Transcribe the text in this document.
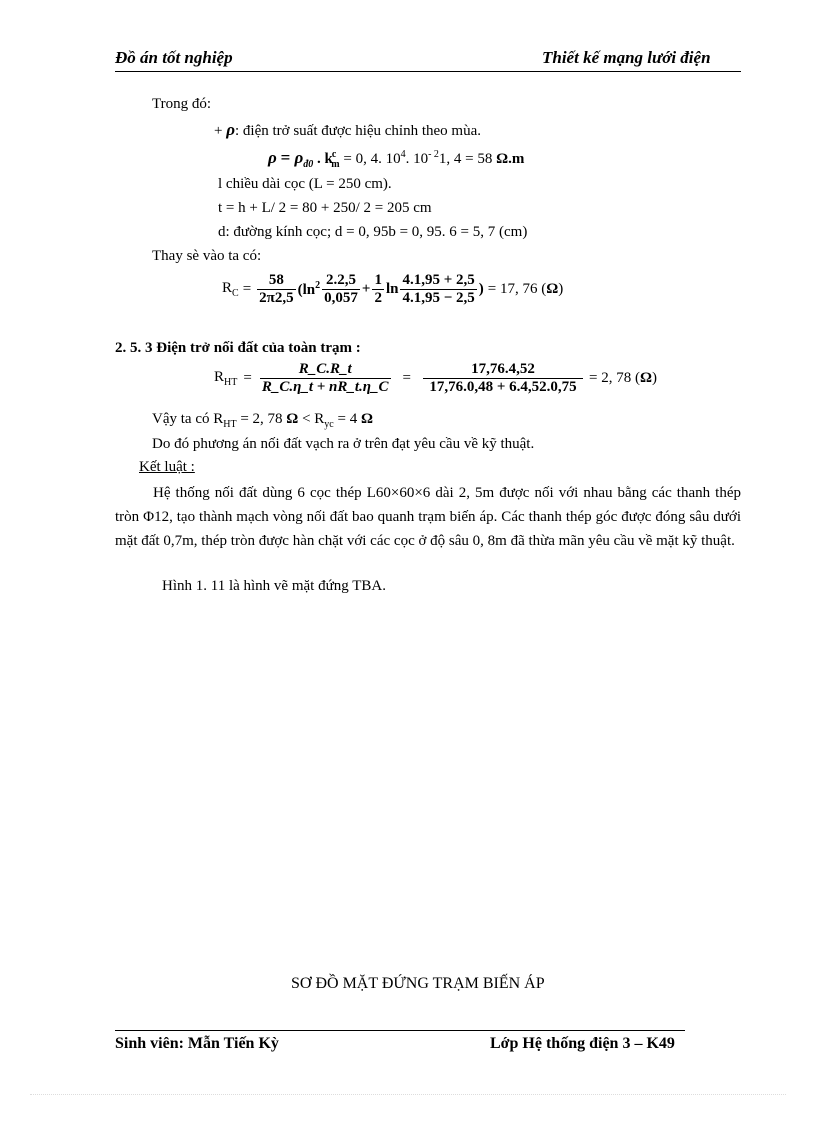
Đồ án tốt nghiệp	Thiết kế mạng lưới điện
Trong đó:
+ ρ: điện trở suất được hiệu chỉnh theo mùa.
$\rho = \rho_{đ0}$ . $k^c_m = 0$, 4. $10^4$. $10^{- 2}1$, 4 = 58 Ω.m
l chiều dài cọc (L = 250 cm).
t = h + L/ 2 = 80 + 250/ 2 = 205 cm
d: đường kính cọc; d = 0, 95b = 0, 95. 6 = 5, 7 (cm)
Thay sè vào ta có:
$R_C = \frac{58}{2\pi 2,5} (\ln^2 \frac{2.2,5}{0,057} + \frac{1}{2}$ $\ln \frac{4.1,95 + 2,5}{4.1,95 - 2,5}$ ) = 17, 76 ( Ω )
2. 5. 3 Điện trở nối đất của toàn trạm :
$R_{HT} = \frac{R\_C.R\_t}{R\_C.\eta\_t + nR\_t.\eta\_C} = \frac{17,76.4,52}{17,76.0,48 + 6.4,52.0,75} = 2$, 78 ( Ω )
Vậy ta có $R_{HT} = 2$, 78 $\Omega < R_{yc} = 4$ Ω
Do đó phương án nối đất vạch ra ở trên đạt yêu cầu về kỹ thuật.
Kết luật :
Hệ thống nối đất dùng 6 cọc thép L60×60×6 dài 2, 5m được nối với nhau bằng các thanh thép tròn Φ12, tạo thành mạch vòng nối đất bao quanh trạm biến áp. Các thanh thép góc được đóng sâu dưới mặt đất 0,7m, thép tròn được hàn chặt với các cọc ở độ sâu 0, 8m đã thừa mãn yêu cầu về mặt kỹ thuật.
Hình 1. 11 là hình vẽ mặt đứng TBA.
SƠ ĐỒ MẶT ĐỨNG TRẠM BIẾN ÁP
Sinh viên: Mẫn Tiến Kỳ	Lớp Hệ thống điện 3 – K49
